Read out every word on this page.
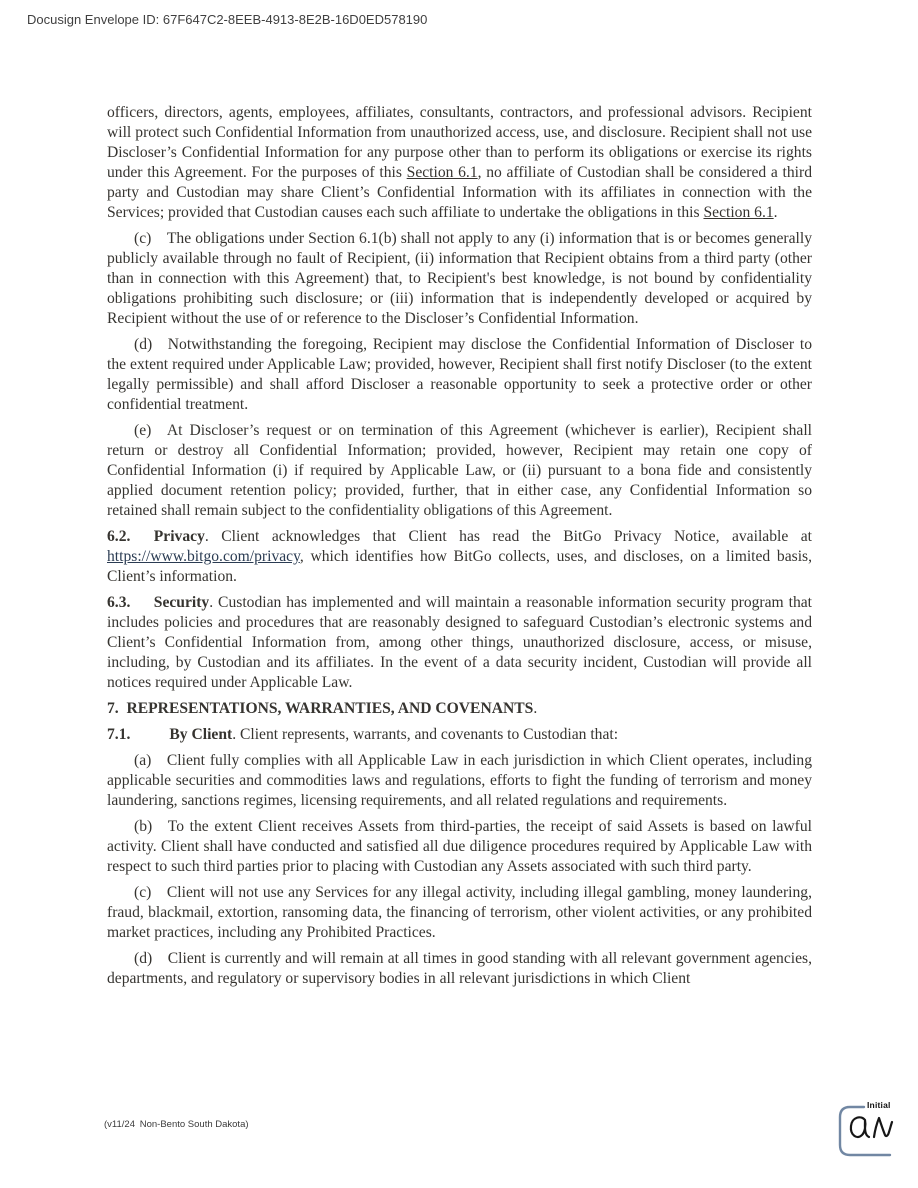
Docusign Envelope ID: 67F647C2-8EEB-4913-8E2B-16D0ED578190

officers, directors, agents, employees, affiliates, consultants, contractors, and professional advisors. Recipient will protect such Confidential Information from unauthorized access, use, and disclosure. Recipient shall not use Discloser’s Confidential Information for any purpose other than to perform its obligations or exercise its rights under this Agreement. For the purposes of this Section 6.1, no affiliate of Custodian shall be considered a third party and Custodian may share Client’s Confidential Information with its affiliates in connection with the Services; provided that Custodian causes each such affiliate to undertake the obligations in this Section 6.1.

(c)  The obligations under Section 6.1(b) shall not apply to any (i) information that is or becomes generally publicly available through no fault of Recipient, (ii) information that Recipient obtains from a third party (other than in connection with this Agreement) that, to Recipient's best knowledge, is not bound by confidentiality obligations prohibiting such disclosure; or (iii) information that is independently developed or acquired by Recipient without the use of or reference to the Discloser’s Confidential Information.

(d)  Notwithstanding the foregoing, Recipient may disclose the Confidential Information of Discloser to the extent required under Applicable Law; provided, however, Recipient shall first notify Discloser (to the extent legally permissible) and shall afford Discloser a reasonable opportunity to seek a protective order or other confidential treatment.

(e)  At Discloser’s request or on termination of this Agreement (whichever is earlier), Recipient shall return or destroy all Confidential Information; provided, however, Recipient may retain one copy of Confidential Information (i) if required by Applicable Law, or (ii) pursuant to a bona fide and consistently applied document retention policy; provided, further, that in either case, any Confidential Information so retained shall remain subject to the confidentiality obligations of this Agreement.

6.2.   Privacy. Client acknowledges that Client has read the BitGo Privacy Notice, available at https://www.bitgo.com/privacy, which identifies how BitGo collects, uses, and discloses, on a limited basis, Client’s information.

6.3.   Security. Custodian has implemented and will maintain a reasonable information security program that includes policies and procedures that are reasonably designed to safeguard Custodian’s electronic systems and Client’s Confidential Information from, among other things, unauthorized disclosure, access, or misuse, including, by Custodian and its affiliates. In the event of a data security incident, Custodian will provide all notices required under Applicable Law.

7. REPRESENTATIONS, WARRANTIES, AND COVENANTS.

7.1.    By Client. Client represents, warrants, and covenants to Custodian that:

(a)  Client fully complies with all Applicable Law in each jurisdiction in which Client operates, including applicable securities and commodities laws and regulations, efforts to fight the funding of terrorism and money laundering, sanctions regimes, licensing requirements, and all related regulations and requirements.

(b)  To the extent Client receives Assets from third-parties, the receipt of said Assets is based on lawful activity. Client shall have conducted and satisfied all due diligence procedures required by Applicable Law with respect to such third parties prior to placing with Custodian any Assets associated with such third party.

(c)  Client will not use any Services for any illegal activity, including illegal gambling, money laundering, fraud, blackmail, extortion, ransoming data, the financing of terrorism, other violent activities, or any prohibited market practices, including any Prohibited Practices.

(d)  Client is currently and will remain at all times in good standing with all relevant government agencies, departments, and regulatory or supervisory bodies in all relevant jurisdictions in which Client

(v11/24 Non-Bento South Dakota)
Initial
